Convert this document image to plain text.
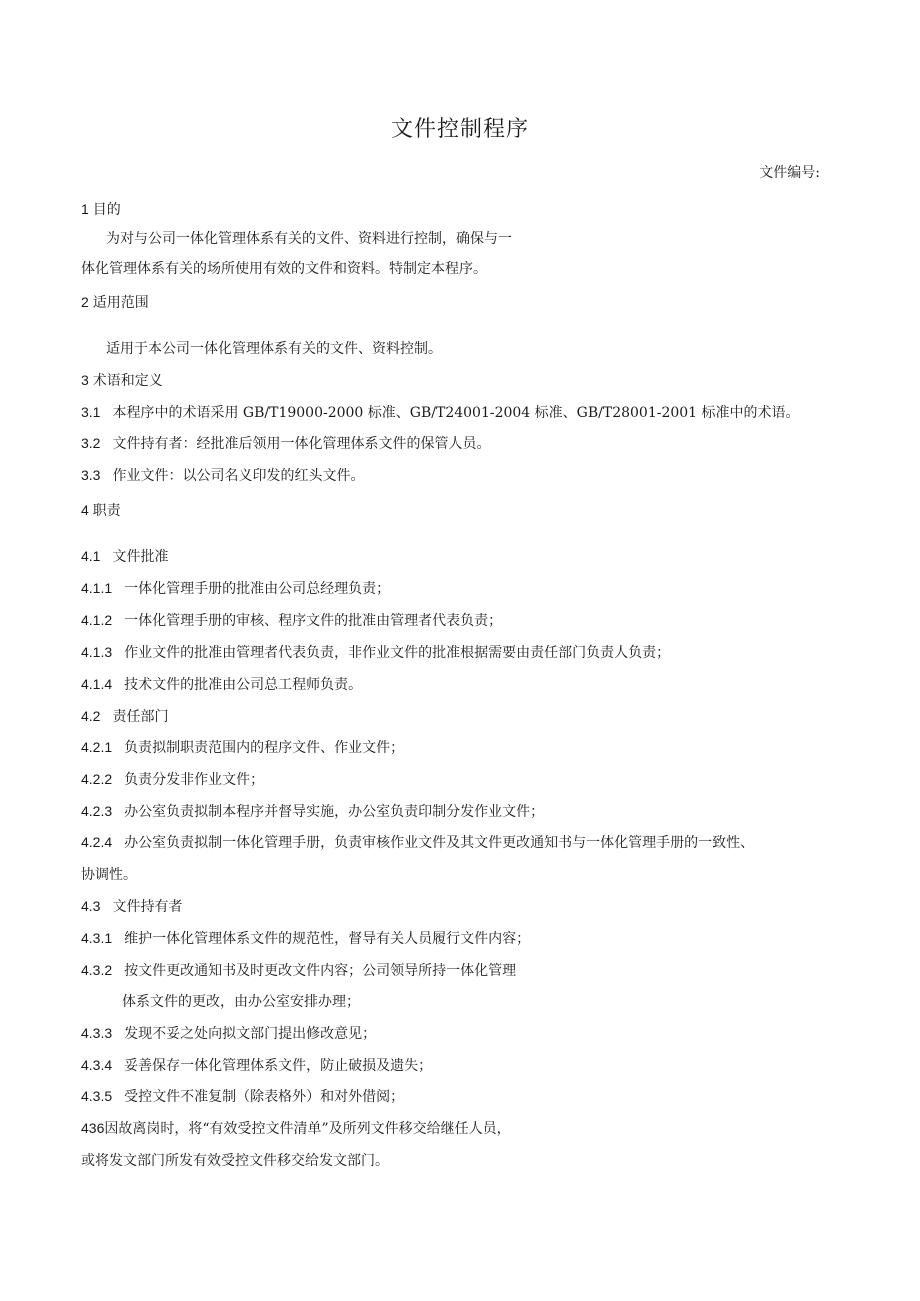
文件控制程序
文件编号:
1 目的
为对与公司一体化管理体系有关的文件、资料进行控制，确保与一
体化管理体系有关的场所使用有效的文件和资料。特制定本程序。
2 适用范围
适用于本公司一体化管理体系有关的文件、资料控制。
3 术语和定义
3.1 本程序中的术语采用 GB/T19000-2000 标准、GB/T24001-2004 标准、GB/T28001-2001 标准中的术语。
3.2 文件持有者：经批准后领用一体化管理体系文件的保管人员。
3.3 作业文件：以公司名义印发的红头文件。
4 职责
4.1 文件批准
4.1.1 一体化管理手册的批准由公司总经理负责；
4.1.2 一体化管理手册的审核、程序文件的批准由管理者代表负责；
4.1.3 作业文件的批准由管理者代表负责，非作业文件的批准根据需要由责任部门负责人负责；
4.1.4 技术文件的批准由公司总工程师负责。
4.2 责任部门
4.2.1 负责拟制职责范围内的程序文件、作业文件；
4.2.2 负责分发非作业文件；
4.2.3 办公室负责拟制本程序并督导实施，办公室负责印制分发作业文件；
4.2.4 办公室负责拟制一体化管理手册，负责审核作业文件及其文件更改通知书与一体化管理手册的一致性、
协调性。
4.3 文件持有者
4.3.1 维护一体化管理体系文件的规范性，督导有关人员履行文件内容；
4.3.2 按文件更改通知书及时更改文件内容；公司领导所持一体化管理
体系文件的更改，由办公室安排办理；
4.3.3 发现不妥之处向拟文部门提出修改意见；
4.3.4 妥善保存一体化管理体系文件，防止破损及遗失；
4.3.5 受控文件不准复制（除表格外）和对外借阅；
436因故离岗时，将“有效受控文件清单”及所列文件移交给继任人员，
或将发文部门所发有效受控文件移交给发文部门。
